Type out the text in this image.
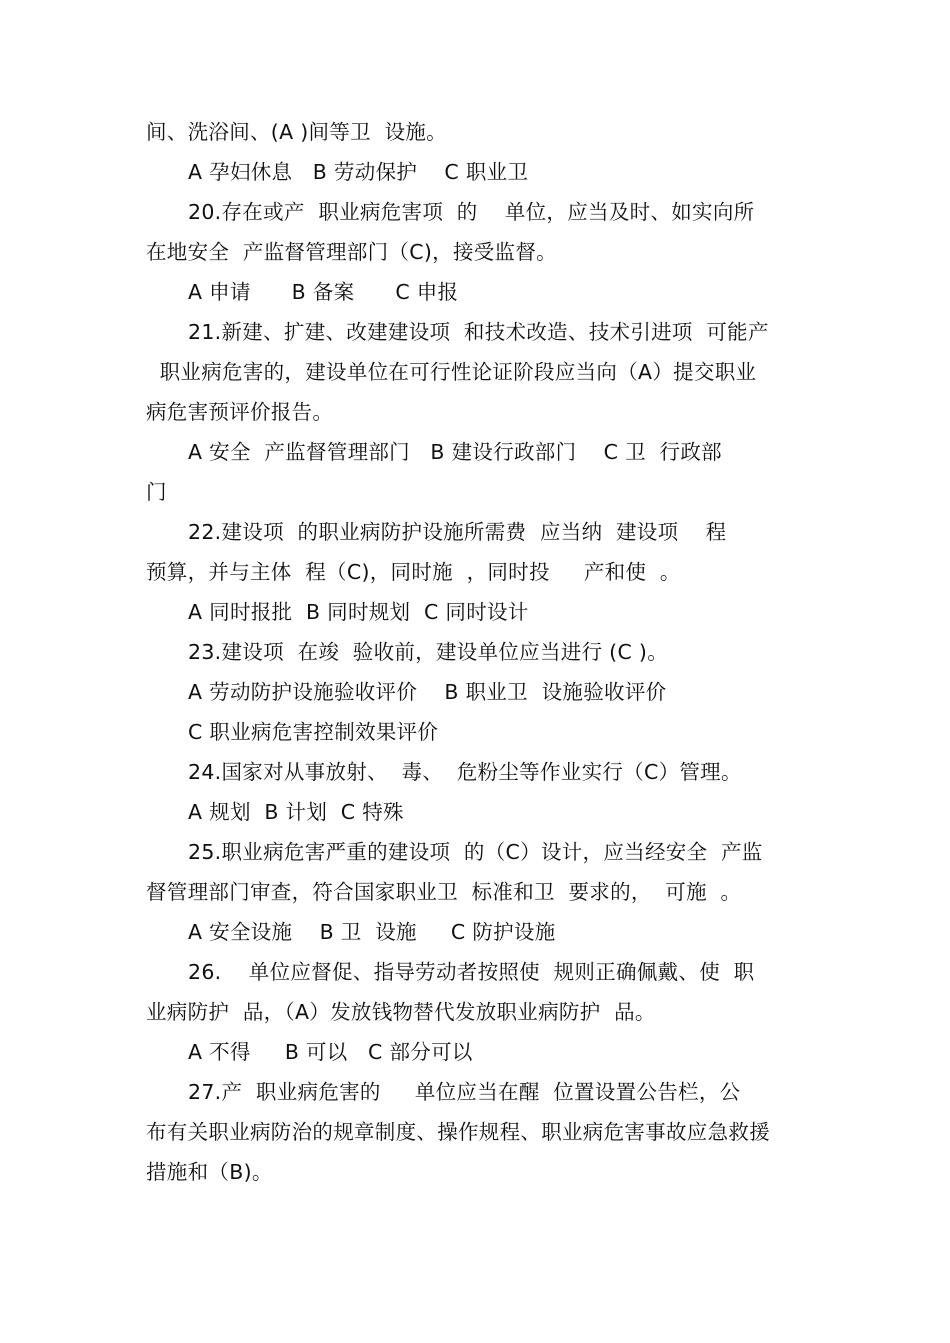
间、洗浴间、(A )间等卫  设施。
A 孕妇休息   B 劳动保护    C 职业卫
20.存在或产  职业病危害项  的    单位，应当及时、如实向所
在地安全  产监督管理部门（C)，接受监督。
A 申请      B 备案      C 申报
21.新建、扩建、改建建设项  和技术改造、技术引进项  可能产
职业病危害的，建设单位在可行性论证阶段应当向（A）提交职业
病危害预评价报告。
A 安全  产监督管理部门   B 建设行政部门    C 卫  行政部
门
22.建设项  的职业病防护设施所需费  应当纳  建设项    程
预算，并与主体  程（C)，同时施  ，同时投     产和使  。
A 同时报批  B 同时规划  C 同时设计
23.建设项  在竣  验收前，建设单位应当进行 (C )。
A 劳动防护设施验收评价    B 职业卫  设施验收评价
C 职业病危害控制效果评价
24.国家对从事放射、  毒、  危粉尘等作业实行（C）管理。
A 规划  B 计划  C 特殊
25.职业病危害严重的建设项  的（C）设计，应当经安全  产监
督管理部门审查，符合国家职业卫  标准和卫  要求的，  可施  。
A 安全设施    B 卫  设施     C 防护设施
26.    单位应督促、指导劳动者按照使  规则正确佩戴、使  职
业病防护  品，（A）发放钱物替代发放职业病防护  品。
A 不得     B 可以   C 部分可以
27.产  职业病危害的     单位应当在醒  位置设置公告栏，公
布有关职业病防治的规章制度、操作规程、职业病危害事故应急救援
措施和（B)。
